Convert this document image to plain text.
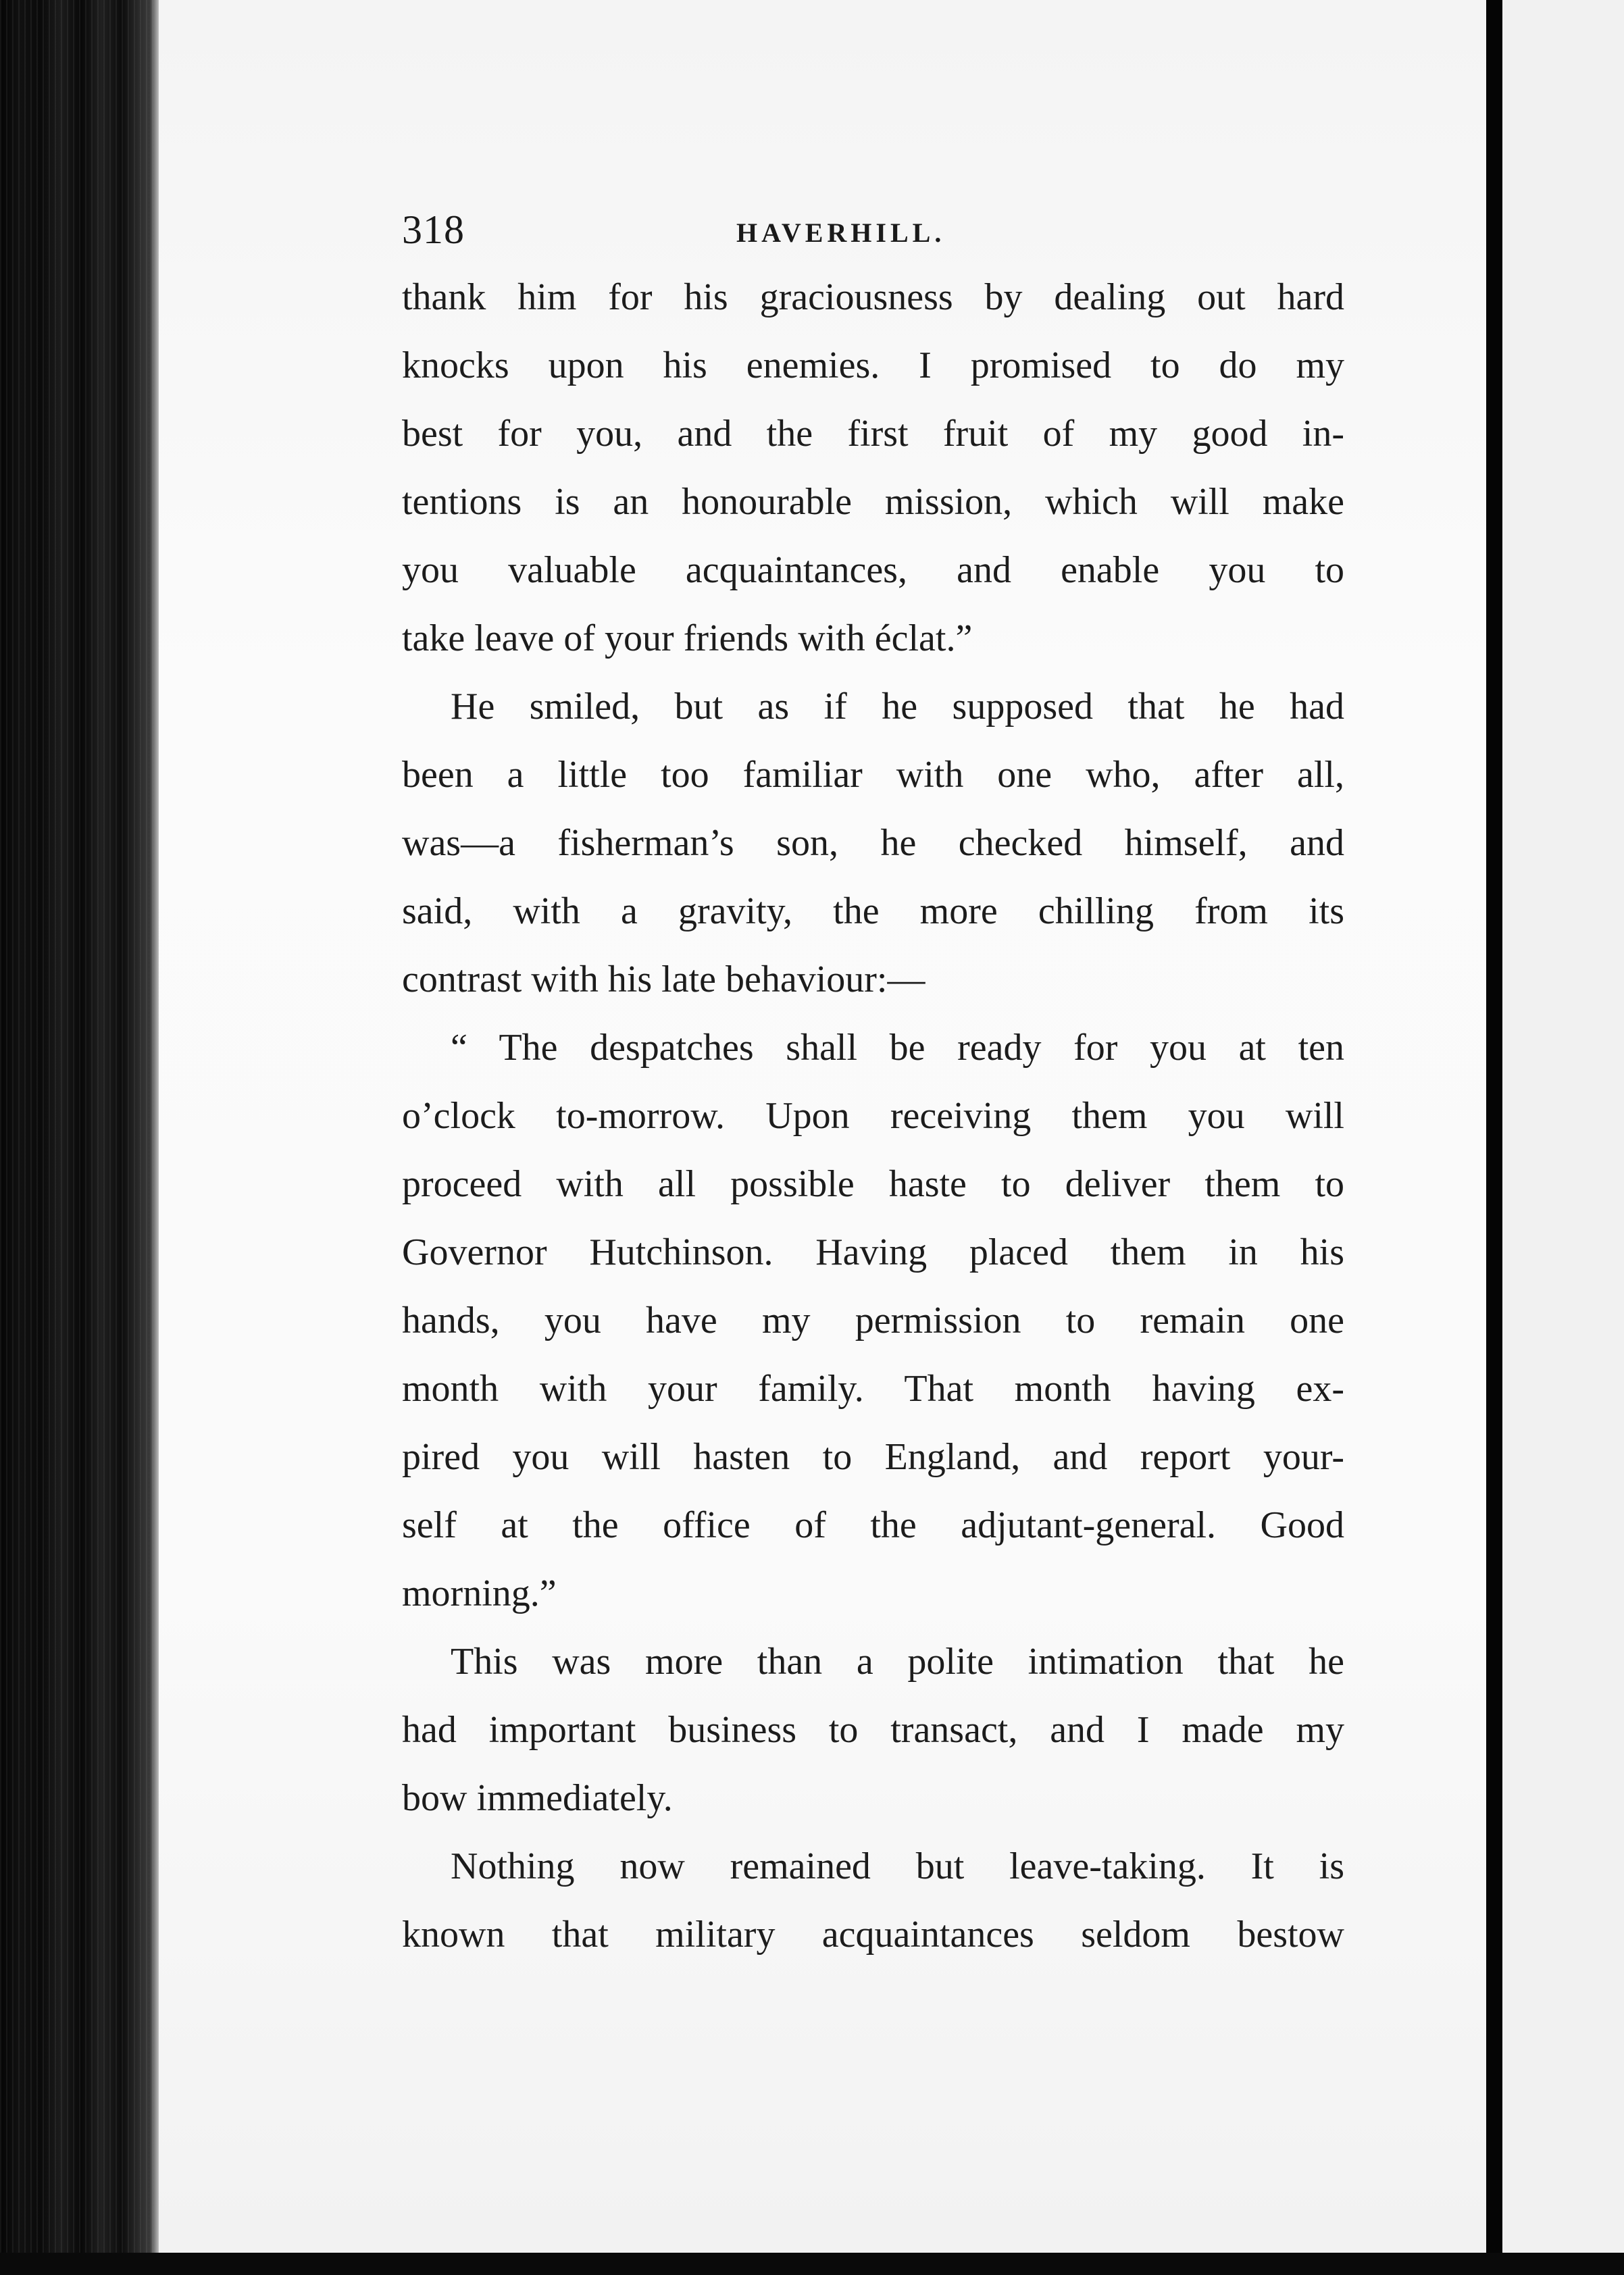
318	HAVERHILL.
thank him for his graciousness by dealing out hard
knocks upon his enemies. I promised to do my
best for you, and the first fruit of my good in-
tentions is an honourable mission, which will make
you valuable acquaintances, and enable you to
take leave of your friends with éclat.”
He smiled, but as if he supposed that he had
been a little too familiar with one who, after all,
was—a fisherman’s son, he checked himself, and
said, with a gravity, the more chilling from its
contrast with his late behaviour:—
“ The despatches shall be ready for you at ten
o’clock to-morrow. Upon receiving them you will
proceed with all possible haste to deliver them to
Governor Hutchinson. Having placed them in his
hands, you have my permission to remain one
month with your family. That month having ex-
pired you will hasten to England, and report your-
self at the office of the adjutant-general. Good
morning.”
This was more than a polite intimation that he
had important business to transact, and I made my
bow immediately.
Nothing now remained but leave-taking. It is
known that military acquaintances seldom bestow
